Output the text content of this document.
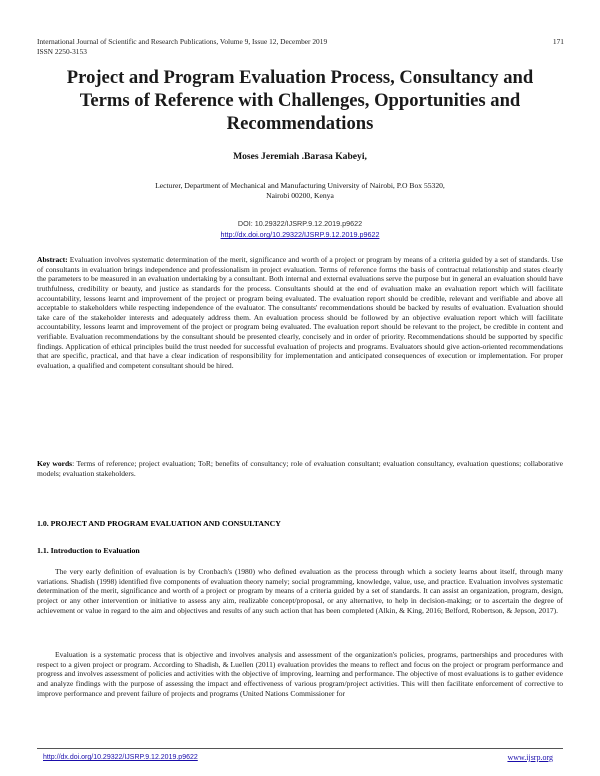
International Journal of Scientific and Research Publications, Volume 9, Issue 12, December 2019
ISSN 2250-3153
171
Project and Program Evaluation Process, Consultancy and Terms of Reference with Challenges, Opportunities and Recommendations
Moses Jeremiah .Barasa Kabeyi,
Lecturer, Department of Mechanical and Manufacturing University of Nairobi, P.O Box 55320,
Nairobi 00200, Kenya
DOI: 10.29322/IJSRP.9.12.2019.p9622
http://dx.doi.org/10.29322/IJSRP.9.12.2019.p9622
Abstract: Evaluation involves systematic determination of the merit, significance and worth of a project or program by means of a criteria guided by a set of standards. Use of consultants in evaluation brings independence and professionalism in project evaluation. Terms of reference forms the basis of contractual relationship and states clearly the parameters to be measured in an evaluation undertaking by a consultant. Both internal and external evaluations serve the purpose but in general an evaluation should have truthfulness, credibility or beauty, and justice as standards for the process. Consultants should at the end of evaluation make an evaluation report which will facilitate accountability, lessons learnt and improvement of the project or program being evaluated. The evaluation report should be credible, relevant and verifiable and above all acceptable to stakeholders while respecting independence of the evaluator. The consultants' recommendations should be backed by results of evaluation. Evaluation should take care of the stakeholder interests and adequately address them. An evaluation process should be followed by an objective evaluation report which will facilitate accountability, lessons learnt and improvement of the project or program being evaluated. The evaluation report should be relevant to the project, be credible in content and verifiable. Evaluation recommendations by the consultant should be presented clearly, concisely and in order of priority. Recommendations should be supported by specific findings. Application of ethical principles build the trust needed for successful evaluation of projects and programs. Evaluators should give action-oriented recommendations that are specific, practical, and that have a clear indication of responsibility for implementation and anticipated consequences of execution or implementation. For proper evaluation, a qualified and competent consultant should be hired.
Key words: Terms of reference; project evaluation; ToR; benefits of consultancy; role of evaluation consultant; evaluation consultancy, evaluation questions; collaborative models; evaluation stakeholders.
1.0. PROJECT AND PROGRAM EVALUATION AND CONSULTANCY
1.1. Introduction to Evaluation
The very early definition of evaluation is by Cronbach's (1980) who defined evaluation as the process through which a society learns about itself, through many variations. Shadish (1998) identified five components of evaluation theory namely; social programming, knowledge, value, use, and practice. Evaluation involves systematic determination of the merit, significance and worth of a project or program by means of a criteria guided by a set of standards. It can assist an organization, program, design, project or any other intervention or initiative to assess any aim, realizable concept/proposal, or any alternative, to help in decision-making; or to ascertain the degree of achievement or value in regard to the aim and objectives and results of any such action that has been completed (Alkin, & King, 2016; Belford, Robertson, & Jepson, 2017).
Evaluation is a systematic process that is objective and involves analysis and assessment of the organization's policies, programs, partnerships and procedures with respect to a given project or program. According to Shadish, & Luellen (2011) evaluation provides the means to reflect and focus on the project or program performance and progress and involves assessment of policies and activities with the objective of improving, learning and performance. The objective of most evaluations is to gather evidence and analyze findings with the purpose of assessing the impact and effectiveness of various program/project activities. This will then facilitate enforcement of corrective to improve performance and prevent failure of projects and programs (United Nations Commissioner for
http://dx.doi.org/10.29322/IJSRP.9.12.2019.p9622	www.ijsrp.org
